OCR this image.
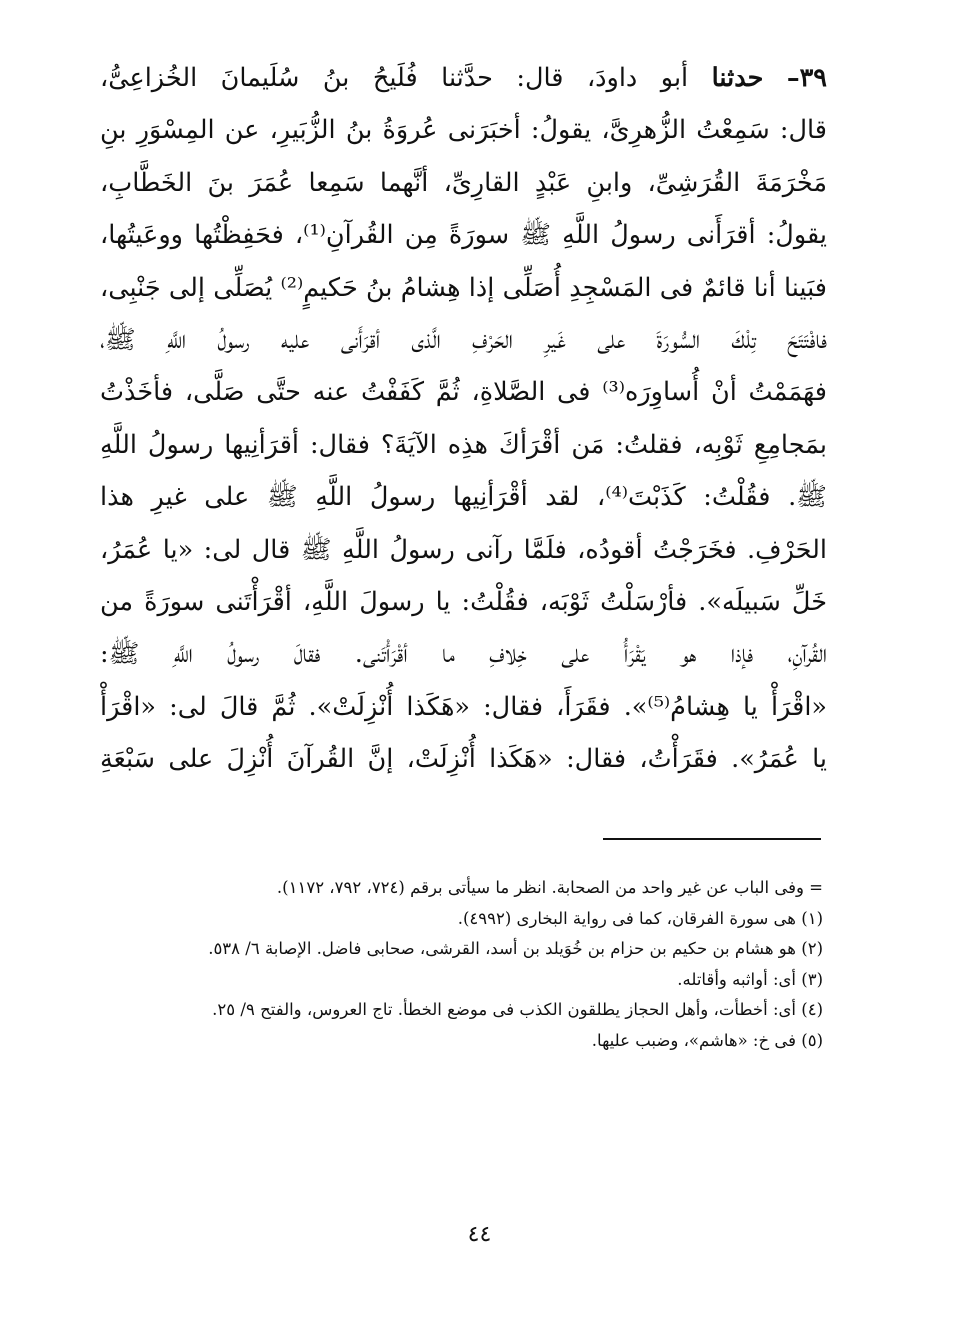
٣٩– حدثنا أبو داودَ، قال: حدَّثنا فُلَيحُ بنُ سُلَيمانَ الخُزاعِىُّ،
قال: سَمِعْتُ الزُّهرِىَّ، يقولُ: أخبَرَنى عُروَةُ بنُ الزُّبَيرِ، عن المِسْوَرِ بنِ
مَخْرَمَةَ القُرَشِىِّ، وابنِ عَبْدٍ القارِىِّ، أنَّهما سَمِعا عُمَرَ بنَ الخَطَّابِ،
يقولُ: أقرَأَنى رسولُ اللَّهِ ﷺ سورَةً مِن القُرآنِ⁽¹⁾، فحَفِظْتُها ووعَيتُها،
فبَينا أنا قائمٌ فى المَسْجِدِ أُصَلِّى إذا هِشامُ بنُ حَكيمٍ⁽²⁾ يُصَلِّى إلى جَنْبِى،
فافْتَتَحَ تِلْكَ السُّورَةَ على غَيرِ الحَرْفِ الَّذى أقرَأَنى عليه رسولُ اللَّهِ ﷺ،
فهَمَمْتُ أنْ أُساوِرَه⁽³⁾ فى الصَّلاةِ، ثُمَّ كَفَفْتُ عنه حتَّى صَلَّى، فأخَذْتُ
بمَجامِعِ ثَوْبِه، فقلتُ: مَن أقْرَأكَ هذِه الآيَةَ؟ فقال: أقرَأنِيها رسولُ اللَّهِ
ﷺ. فقُلْتُ: كَذَبْتَ⁽⁴⁾، لقد أقْرَأنِيها رسولُ اللَّهِ ﷺ على غيرِ هذا
الحَرْفِ. فخَرَجْتُ أقودُه، فلَمَّا رآنى رسولُ اللَّهِ ﷺ قال لى: «يا عُمَرُ،
خَلِّ سَبيلَه». فأرْسَلْتُ ثَوْبَه، فقُلْتُ: يا رسولَ اللَّهِ، أقْرَأْتَنى سورَةً من
القُرآنِ، فإذا هو يَقْرَأُ على خِلافِ ما أقْرَأْتَنى. فقالَ رسولُ اللَّهِ ﷺ:
«اقْرَأْ يا هِشامُ⁽⁵⁾». فقَرَأَ، فقال: «هَكَذا أُنْزِلَتْ». ثُمَّ قالَ لى: «اقْرَأْ
يا عُمَرُ». فقَرَأْتُ، فقال: «هَكَذا أُنْزِلَتْ، إنَّ القُرآنَ أُنْزِلَ على سَبْعَةِ
= وفى الباب عن غير واحد من الصحابة. انظر ما سيأتى برقم (٧٢٤، ٧٩٢، ١١٧٢).
(١) هى سورة الفرقان، كما فى رواية البخارى (٤٩٩٢).
(٢) هو هشام بن حكيم بن حزام بن خُوَيلد بن أسد، القرشى، صحابى فاضل. الإصابة ٦/ ٥٣٨.
(٣) أى: أواثبه وأقاتله.
(٤) أى: أخطأت، وأهل الحجاز يطلقون الكذب فى موضع الخطأ. تاج العروس، والفتح ٩/ ٢٥.
(٥) فى خ: «هاشم»، وضبب عليها.
٤٤
